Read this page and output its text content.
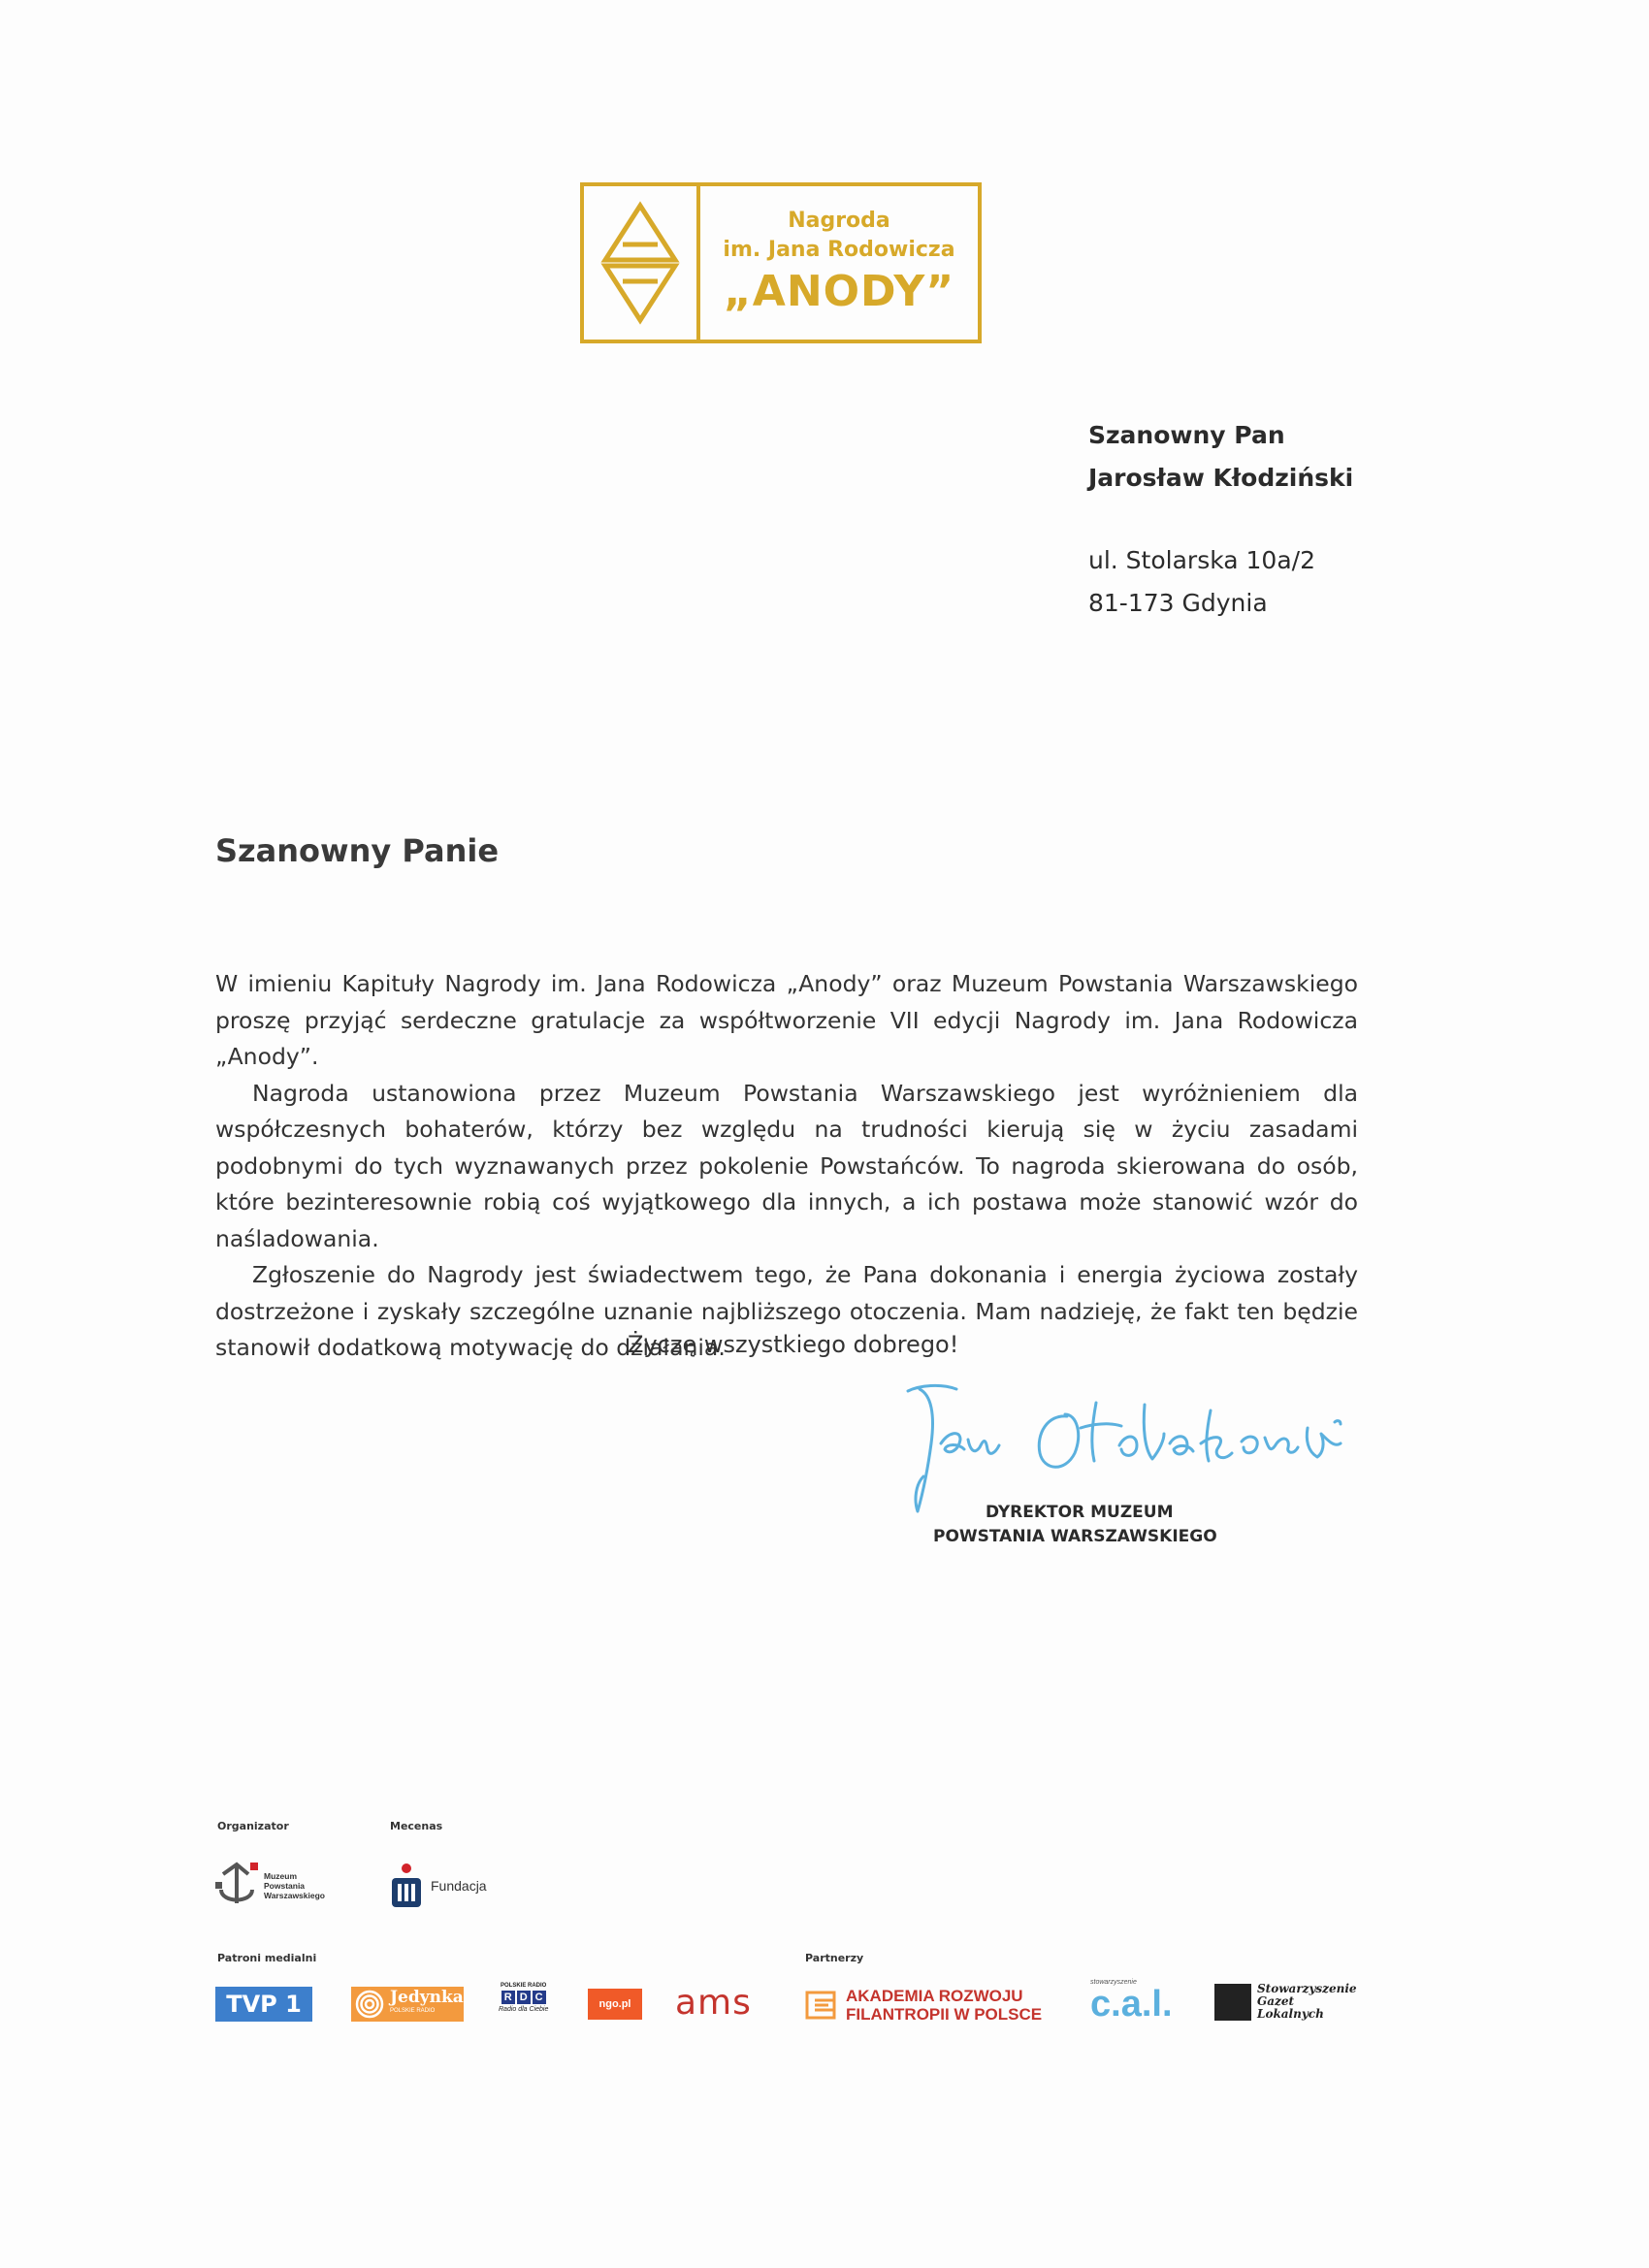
Nagroda
im. Jana Rodowicza
„ANODY”
Szanowny Pan
Jarosław Kłodziński
ul. Stolarska 10a/2
81-173 Gdynia
Szanowny Panie

W imieniu Kapituły Nagrody im. Jana Rodowicza „Anody” oraz Muzeum Powstania Warszawskiego proszę przyjąć serdeczne gratulacje za współtworzenie VII edycji Nagrody im. Jana Rodowicza „Anody”.

Nagroda ustanowiona przez Muzeum Powstania Warszawskiego jest wyróżnieniem dla współczesnych bohaterów, którzy bez względu na trudności kierują się w życiu zasadami podobnymi do tych wyznawanych przez pokolenie Powstańców. To nagroda skierowana do osób, które bezinteresownie robią coś wyjątkowego dla innych, a ich postawa może stanowić wzór do naśladowania.

Zgłoszenie do Nagrody jest świadectwem tego, że Pana dokonania i energia życiowa zostały dostrzeżone i zyskały szczególne uznanie najbliższego otoczenia. Mam nadzieję, że fakt ten będzie stanowił dodatkową motywację do działania.

Życzę wszystkiego dobrego!
DYREKTOR MUZEUM
POWSTANIA WARSZAWSKIEGO
Organizator	Mecenas
Muzeum
Powstania
Warszawskiego
Fundacja
Patroni medialni	Partnerzy
TVP 1	Jedynka
POLSKIE RADIO
POLSKIE RADIO
R D C
Radio dla Ciebie	ngo.pl ams	AKADEMIA ROZWOJU
FILANTROPII W POLSCE
stowarzyszenie
c.a.l.	Stowarzyszenie
Gazet
Lokalnych
